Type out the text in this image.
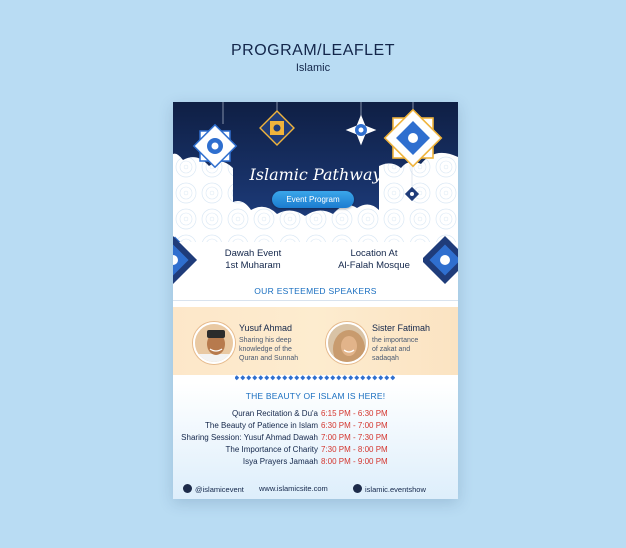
PROGRAM/LEAFLET
Islamic
Islamic Pathway
Event Program
Dawah Event
1st Muharam
Location At
Al-Falah Mosque
OUR ESTEEMED SPEAKERS
Yusuf Ahmad
Sharing his deep
knowledge of the
Quran and Sunnah
Sister Fatimah
the importance
of zakat and
sadaqah
THE BEAUTY OF ISLAM IS HERE!
Quran Recitation & Du'a 6:15 PM - 6:30 PM
The Beauty of Patience in Islam 6:30 PM - 7:00 PM
Sharing Session: Yusuf Ahmad Dawah 7:00 PM - 7:30 PM
The Importance of Charity 7:30 PM - 8:00 PM
Isya Prayers Jamaah 8:00 PM - 9:00 PM
@islamicevent www.islamicsite.com	islamic.eventshow
